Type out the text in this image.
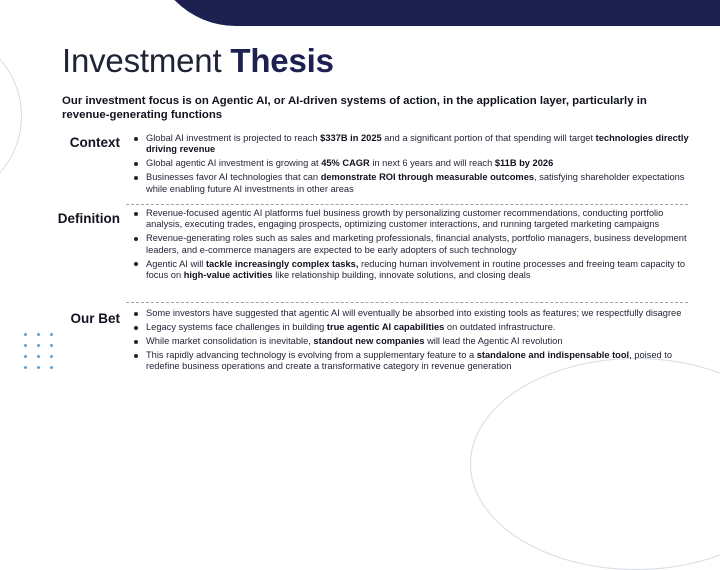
Investment Thesis
Our investment focus is on Agentic AI, or AI-driven systems of action, in the application layer, particularly in revenue-generating functions
Context	Global AI investment is projected to reach $337B in 2025 and a significant portion of that spending will target technologies directly driving revenue
Global agentic AI investment is growing at 45% CAGR in next 6 years and will reach $11B by 2026
Businesses favor AI technologies that can demonstrate ROI through measurable outcomes, satisfying shareholder expectations while enabling future AI investments in other areas
Definition	Revenue-focused agentic AI platforms fuel business growth by personalizing customer recommendations, conducting portfolio analysis, executing trades, engaging prospects, optimizing customer interactions, and running targeted marketing campaigns
Revenue-generating roles such as sales and marketing professionals, financial analysts, portfolio managers, business development leaders, and e-commerce managers are expected to be early adopters of such technology
Agentic AI will tackle increasingly complex tasks, reducing human involvement in routine processes and freeing team capacity to focus on high-value activities like relationship building, innovate solutions, and closing deals
Our Bet	Some investors have suggested that agentic AI will eventually be absorbed into existing tools as features; we respectfully disagree
Legacy systems face challenges in building true agentic AI capabilities on outdated infrastructure.
While market consolidation is inevitable, standout new companies will lead the Agentic AI revolution
This rapidly advancing technology is evolving from a supplementary feature to a standalone and indispensable tool, poised to redefine business operations and create a transformative category in revenue generation
